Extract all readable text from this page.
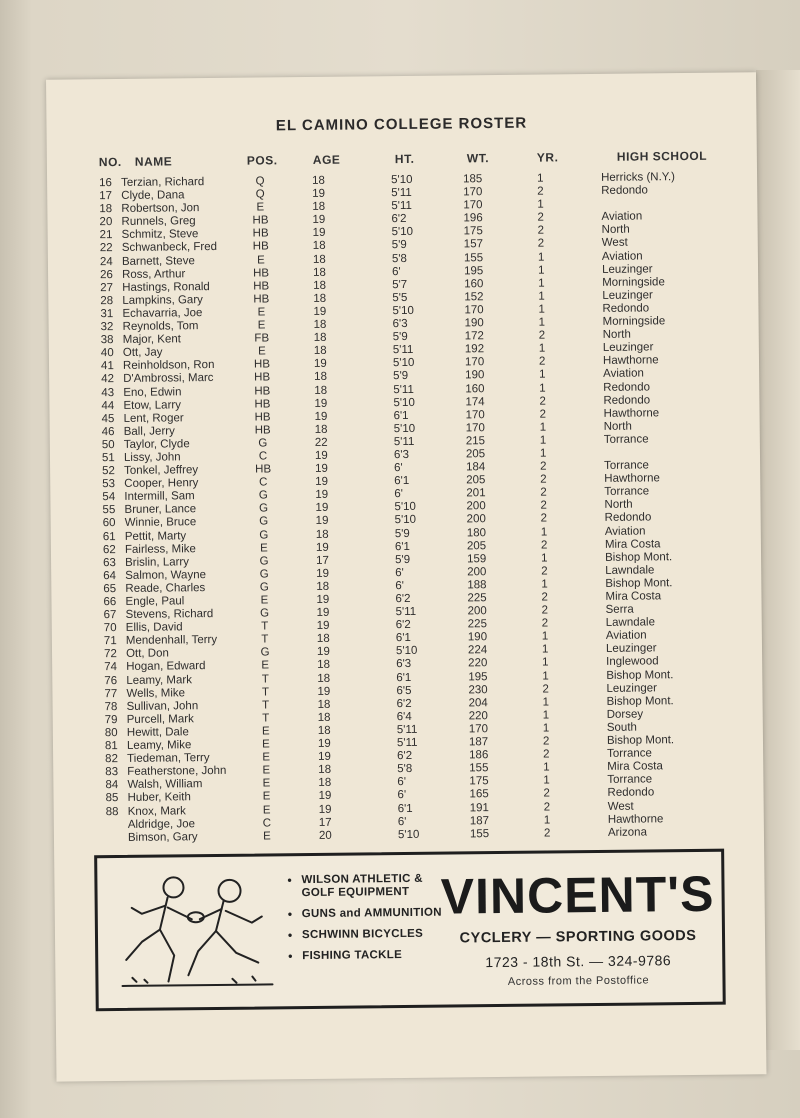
EL CAMINO COLLEGE ROSTER
NO. NAME	POS.	AGE	HT.	WT.	YR.	HIGH SCHOOL
16 Terzian, Richard	Q	18	5'10	185	1	Herricks (N.Y.)
17 Clyde, Dana	Q	19	5'11	170	2	Redondo
18 Robertson, Jon	E	18	5'11	170	1
20 Runnels, Greg	HB	19	6'2	196	2	Aviation
21 Schmitz, Steve	HB	19	5'10	175	2	North
22 Schwanbeck, Fred	HB	18	5'9	157	2	West
24 Barnett, Steve	E	18	5'8	155	1	Aviation
26 Ross, Arthur	HB	18	6'	195	1	Leuzinger
27 Hastings, Ronald	HB	18	5'7	160	1	Morningside
28 Lampkins, Gary	HB	18	5'5	152	1	Leuzinger
31 Echavarria, Joe	E	19	5'10	170	1	Redondo
32 Reynolds, Tom	E	18	6'3	190	1	Morningside
38 Major, Kent	FB	18	5'9	172	2	North
40 Ott, Jay	E	18	5'11	192	1	Leuzinger
41 Reinholdson, Ron	HB	19	5'10	170	2	Hawthorne
42 D'Ambrossi, Marc	HB	18	5'9	190	1	Aviation
43 Eno, Edwin	HB	18	5'11	160	1	Redondo
44 Etow, Larry	HB	19	5'10	174	2	Redondo
45 Lent, Roger	HB	19	6'1	170	2	Hawthorne
46 Ball, Jerry	HB	18	5'10	170	1	North
50 Taylor, Clyde	G	22	5'11	215	1	Torrance
51 Lissy, John	C	19	6'3	205	1
52 Tonkel, Jeffrey	HB	19	6'	184	2	Torrance
53 Cooper, Henry	C	19	6'1	205	2	Hawthorne
54 Intermill, Sam	G	19	6'	201	2	Torrance
55 Bruner, Lance	G	19	5'10	200	2	North
60 Winnie, Bruce	G	19	5'10	200	2	Redondo
61 Pettit, Marty	G	18	5'9	180	1	Aviation
62 Fairless, Mike	E	19	6'1	205	2	Mira Costa
63 Brislin, Larry	G	17	5'9	159	1	Bishop Mont.
64 Salmon, Wayne	G	19	6'	200	2	Lawndale
65 Reade, Charles	G	18	6'	188	1	Bishop Mont.
66 Engle, Paul	E	19	6'2	225	2	Mira Costa
67 Stevens, Richard	G	19	5'11	200	2	Serra
70 Ellis, David	T	19	6'2	225	2	Lawndale
71 Mendenhall, Terry	T	18	6'1	190	1	Aviation
72 Ott, Don	G	19	5'10	224	1	Leuzinger
74 Hogan, Edward	E	18	6'3	220	1	Inglewood
76 Leamy, Mark	T	18	6'1	195	1	Bishop Mont.
77 Wells, Mike	T	19	6'5	230	2	Leuzinger
78 Sullivan, John	T	18	6'2	204	1	Bishop Mont.
79 Purcell, Mark	T	18	6'4	220	1	Dorsey
80 Hewitt, Dale	E	18	5'11	170	1	South
81 Leamy, Mike	E	19	5'11	187	2	Bishop Mont.
82 Tiedeman, Terry	E	19	6'2	186	2	Torrance
83 Featherstone, John	E	18	5'8	155	1	Mira Costa
84 Walsh, William	E	18	6'	175	1	Torrance
85 Huber, Keith	E	19	6'	165	2	Redondo
88 Knox, Mark	E	19	6'1	191	2	West
Aldridge, Joe	C	17	6'	187	1	Hawthorne
Bimson, Gary	E	20	5'10	155	2	Arizona
• WILSON ATHLETIC & GOLF EQUIPMENT
• GUNS and AMMUNITION
• SCHWINN BICYCLES
• FISHING TACKLE
VINCENT'S
CYCLERY — SPORTING GOODS
1723 - 18th St. — 324-9786
Across from the Postoffice
